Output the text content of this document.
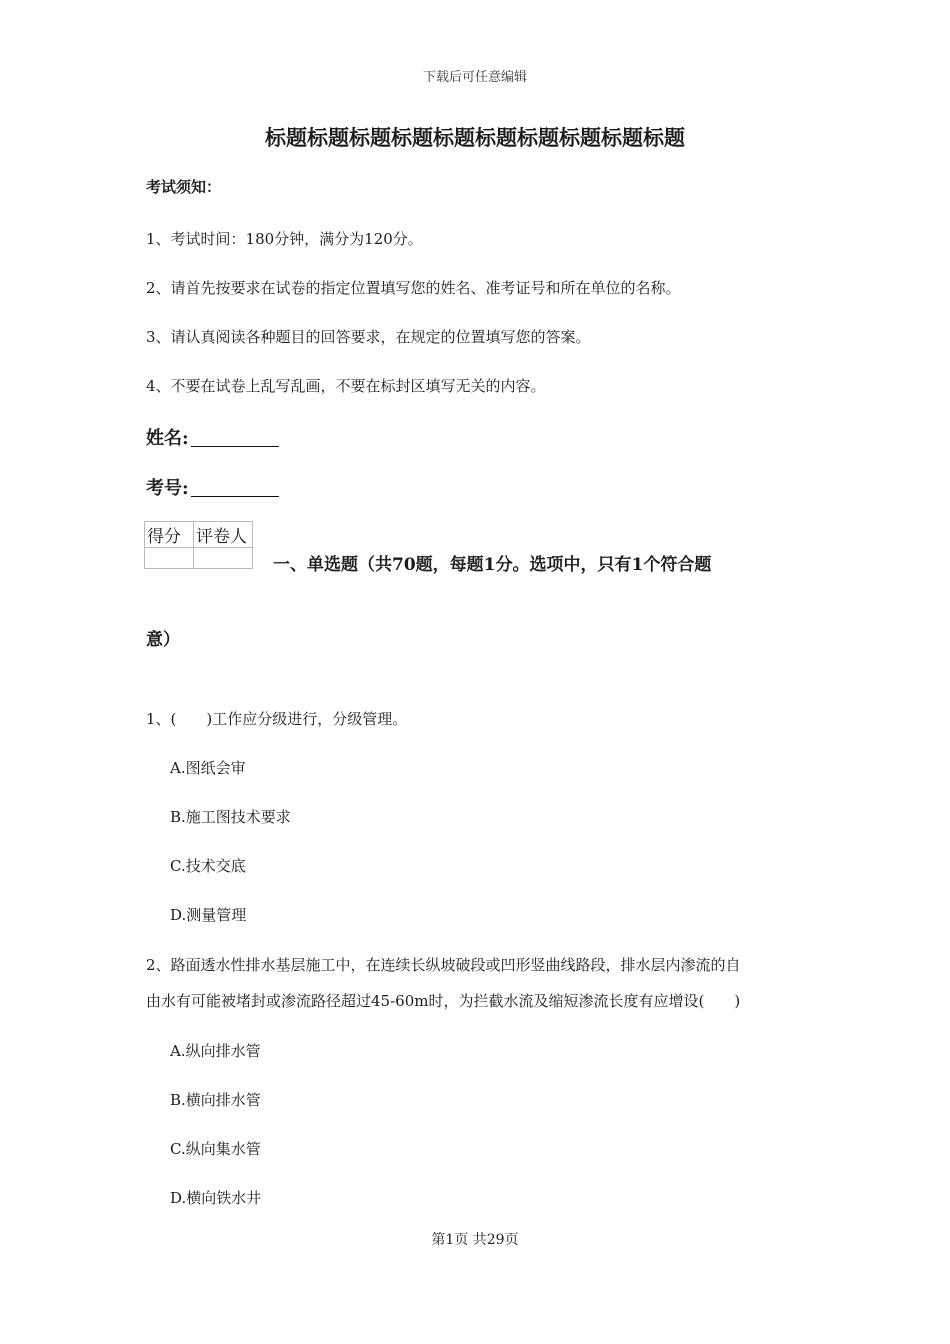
下载后可任意编辑
标题标题标题标题标题标题标题标题标题标题
考试须知：
1、考试时间：180分钟，满分为120分。
2、请首先按要求在试卷的指定位置填写您的姓名、准考证号和所在单位的名称。
3、请认真阅读各种题目的回答要求，在规定的位置填写您的答案。
4、不要在试卷上乱写乱画，不要在标封区填写无关的内容。
姓名:
考号:
得分	评卷人

一、单选题（共70题，每题1分。选项中，只有1个符合题
意）
1、(　　)工作应分级进行，分级管理。
A.图纸会审
B.施工图技术要求
C.技术交底
D.测量管理
2、路面透水性排水基层施工中，在连续长纵坡破段或凹形竖曲线路段，排水层内渗流的自
由水有可能被堵封或渗流路径超过45-60m时，为拦截水流及缩短渗流长度有应增设(　　)
A.纵向排水管
B.横向排水管
C.纵向集水管
D.横向铁水井
第1页 共29页
